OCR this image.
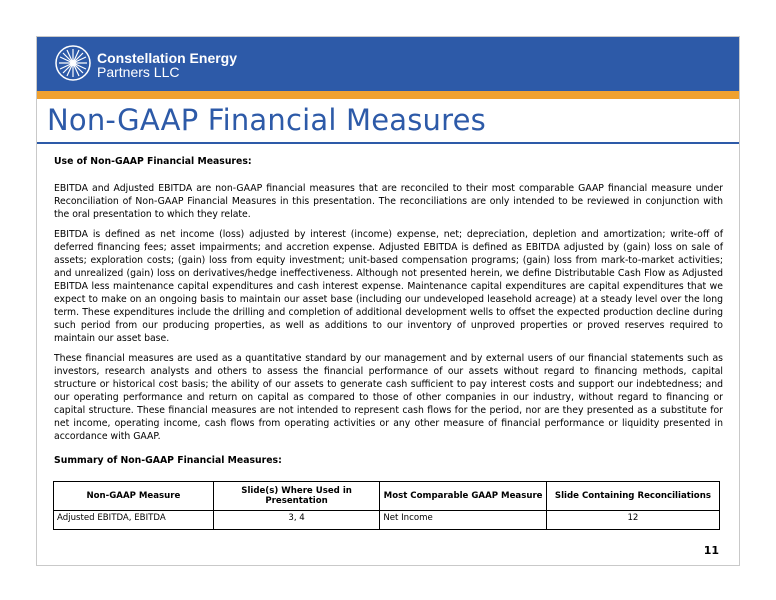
Constellation Energy
Partners LLC
Non-GAAP Financial Measures

Use of Non-GAAP Financial Measures:

EBITDA and Adjusted EBITDA are non-GAAP financial measures that are reconciled to their most comparable GAAP financial measure under Reconciliation of Non-GAAP Financial Measures in this presentation. The reconciliations are only intended to be reviewed in conjunction with the oral presentation to which they relate.

EBITDA is defined as net income (loss) adjusted by interest (income) expense, net; depreciation, depletion and amortization; write-off of deferred financing fees; asset impairments; and accretion expense. Adjusted EBITDA is defined as EBITDA adjusted by (gain) loss on sale of assets; exploration costs; (gain) loss from equity investment; unit-based compensation programs; (gain) loss from mark-to-market activities; and unrealized (gain) loss on derivatives/hedge ineffectiveness. Although not presented herein, we define Distributable Cash Flow as Adjusted EBITDA less maintenance capital expenditures and cash interest expense. Maintenance capital expenditures are capital expenditures that we expect to make on an ongoing basis to maintain our asset base (including our undeveloped leasehold acreage) at a steady level over the long term. These expenditures include the drilling and completion of additional development wells to offset the expected production decline during such period from our producing properties, as well as additions to our inventory of unproved properties or proved reserves required to maintain our asset base.

These financial measures are used as a quantitative standard by our management and by external users of our financial statements such as investors, research analysts and others to assess the financial performance of our assets without regard to financing methods, capital structure or historical cost basis; the ability of our assets to generate cash sufficient to pay interest costs and support our indebtedness; and our operating performance and return on capital as compared to those of other companies in our industry, without regard to financing or capital structure. These financial measures are not intended to represent cash flows for the period, nor are they presented as a substitute for net income, operating income, cash flows from operating activities or any other measure of financial performance or liquidity presented in accordance with GAAP.

Summary of Non-GAAP Financial Measures:

Non-GAAP Measure	Slide(s) Where Used in Presentation	Most Comparable GAAP Measure	Slide Containing Reconciliations
Adjusted EBITDA, EBITDA	3, 4	Net Income	12
11
